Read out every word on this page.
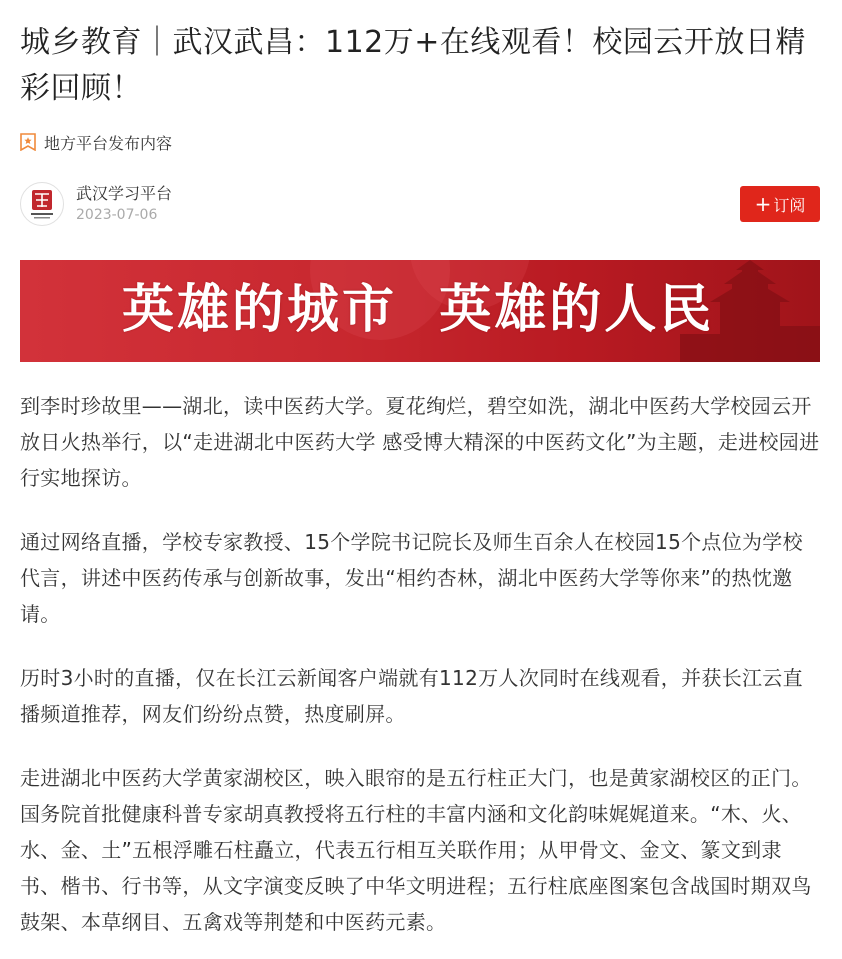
城乡教育｜武汉武昌：112万+在线观看！校园云开放日精彩回顾！
地方平台发布内容
武汉学习平台
2023-07-06	+ 订阅
英雄的城市  英雄的人民

到李时珍故里——湖北，读中医药大学。夏花绚烂，碧空如洗，湖北中医药大学校园云开放日火热举行，以“走进湖北中医药大学 感受博大精深的中医药文化”为主题，走进校园进行实地探访。

通过网络直播，学校专家教授、15个学院书记院长及师生百余人在校园15个点位为学校代言，讲述中医药传承与创新故事，发出“相约杏林，湖北中医药大学等你来”的热忱邀请。

历时3小时的直播，仅在长江云新闻客户端就有112万人次同时在线观看，并获长江云直播频道推荐，网友们纷纷点赞，热度刷屏。

走进湖北中医药大学黄家湖校区，映入眼帘的是五行柱正大门，也是黄家湖校区的正门。国务院首批健康科普专家胡真教授将五行柱的丰富内涵和文化韵味娓娓道来。“木、火、水、金、土”五根浮雕石柱矗立，代表五行相互关联作用；从甲骨文、金文、篆文到隶书、楷书、行书等，从文字演变反映了中华文明进程；五行柱底座图案包含战国时期双鸟鼓架、本草纲目、五禽戏等荆楚和中医药元素。
